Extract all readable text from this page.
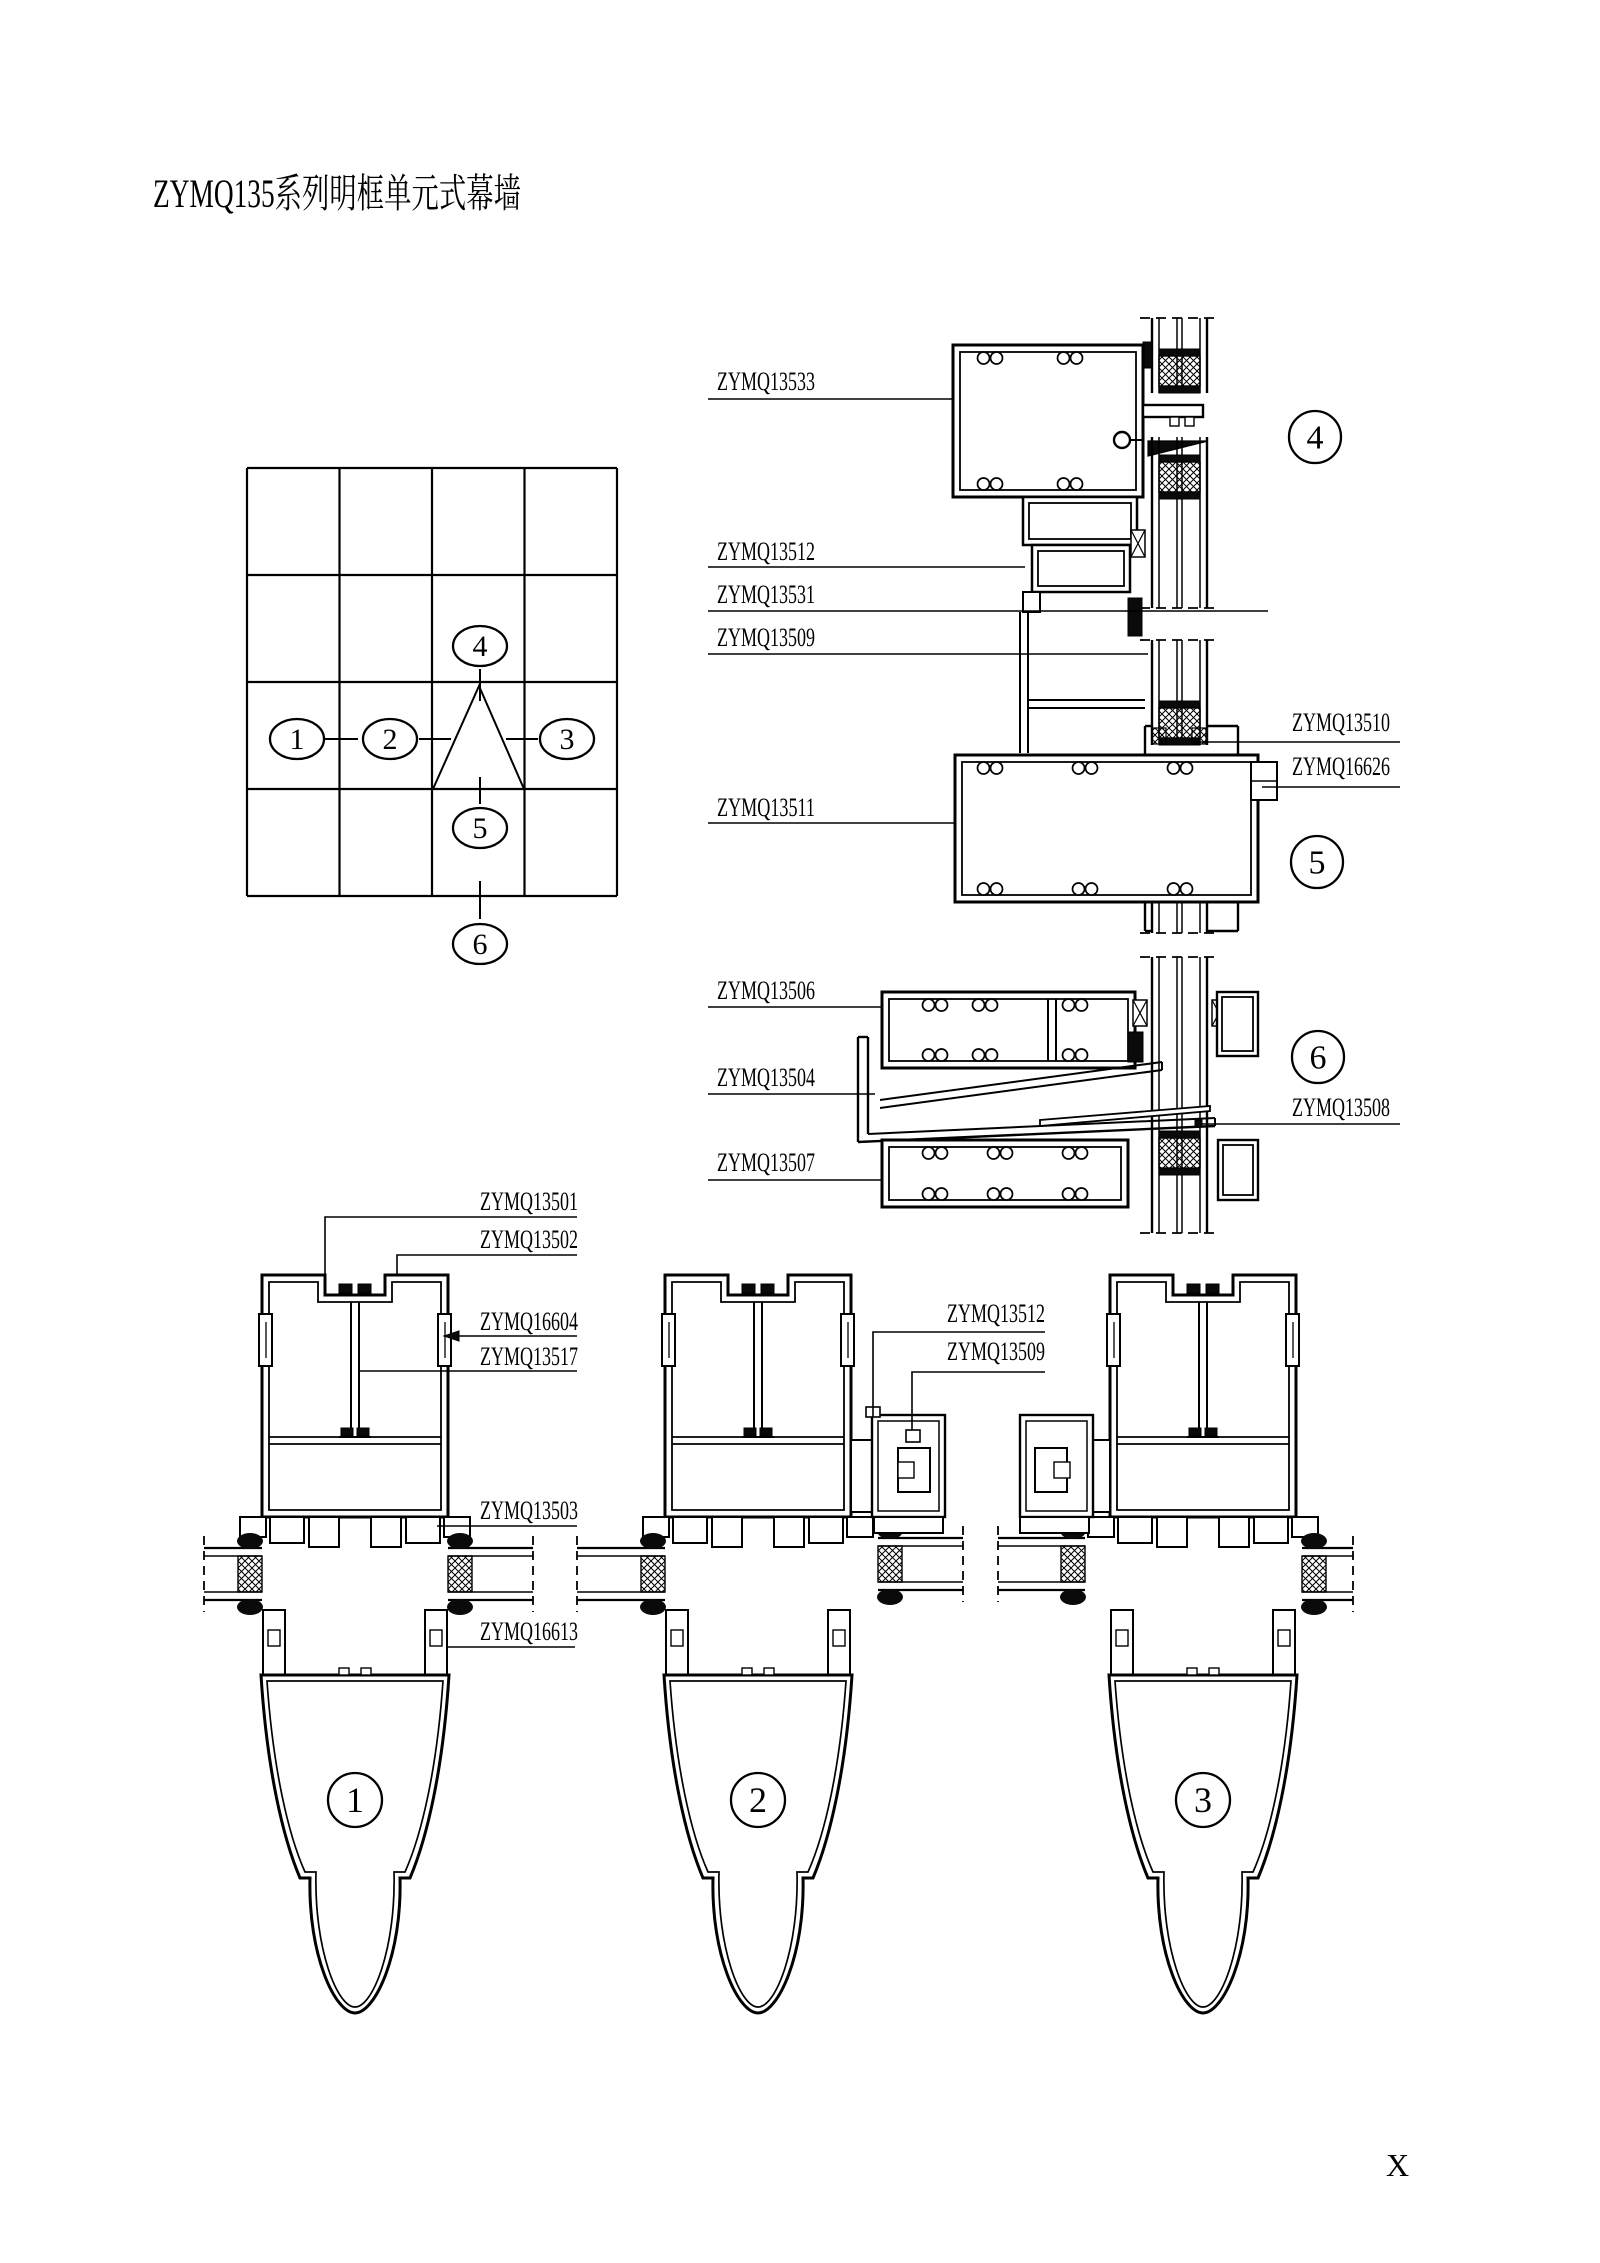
ZYMQ135系列明框单元式幕墙
1	2	3
4
5
6
4
5
6
1	2	3
ZYMQ13533
ZYMQ13512
ZYMQ13531
ZYMQ13509
ZYMQ13511
ZYMQ13510
ZYMQ16626
ZYMQ13506
ZYMQ13504
ZYMQ13508
ZYMQ13507
ZYMQ13501
ZYMQ13502
ZYMQ16604
ZYMQ13517
ZYMQ13503
ZYMQ16613
ZYMQ13512
ZYMQ13509
X
